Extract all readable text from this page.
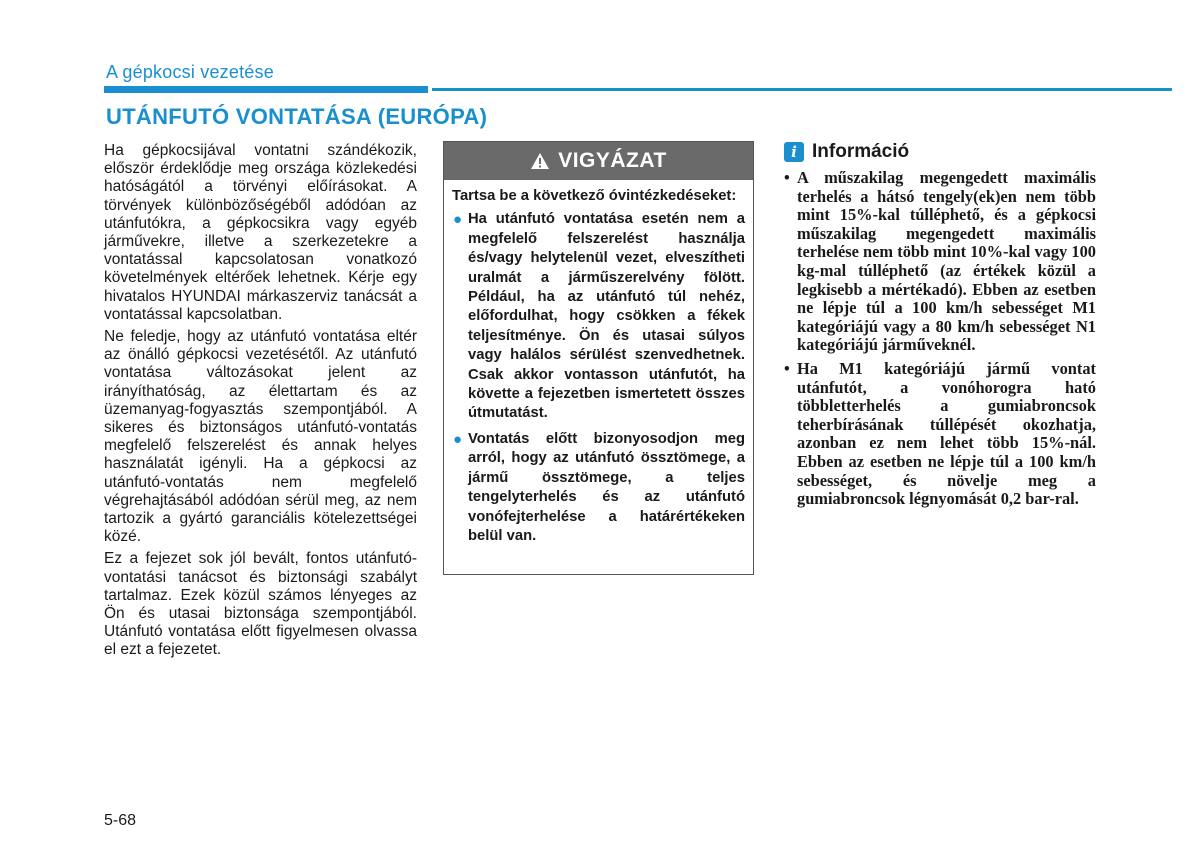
A gépkocsi vezetése
UTÁNFUTÓ VONTATÁSA (EURÓPA)

Ha gépkocsijával vontatni szándékozik, először érdeklődje meg országa közlekedési hatóságától a törvényi előírásokat. A törvények különbözőségéből adódóan az utánfutókra, a gépkocsikra vagy egyéb járművekre, illetve a szerkezetekre a vontatással kapcsolatosan vonatkozó követelmények eltérőek lehetnek. Kérje egy hivatalos HYUNDAI márkaszerviz tanácsát a vontatással kapcsolatban.

Ne feledje, hogy az utánfutó vontatása eltér az önálló gépkocsi vezetésétől. Az utánfutó vontatása változásokat jelent az irányíthatóság, az élettartam és az üzemanyag-fogyasztás szempontjából. A sikeres és biztonságos utánfutó-vontatás megfelelő felszerelést és annak helyes használatát igényli. Ha a gépkocsi az utánfutó-vontatás nem megfelelő végrehajtásából adódóan sérül meg, az nem tartozik a gyártó garanciális kötelezettségei közé.

Ez a fejezet sok jól bevált, fontos utánfutó-vontatási tanácsot és biztonsági szabályt tartalmaz. Ezek közül számos lényeges az Ön és utasai biztonsága szempontjából. Utánfutó vontatása előtt figyelmesen olvassa el ezt a fejezetet.

VIGYÁZAT

Tartsa be a következő óvintézkedéseket:

● Ha utánfutó vontatása esetén nem a megfelelő felszerelést használja és/vagy helytelenül vezet, elveszítheti uralmát a járműszerelvény fölött. Például, ha az utánfutó túl nehéz, előfordulhat, hogy csökken a fékek teljesítménye. Ön és utasai súlyos vagy halálos sérülést szenvedhetnek. Csak akkor vontasson utánfutót, ha követte a fejezetben ismertetett összes útmutatást.
● Vontatás előtt bizonyosodjon meg arról, hogy az utánfutó össztömege, a jármű össztömege, a teljes tengelyterhelés és az utánfutó vonófejterhelése a határértékeken belül van.
i Információ
• A műszakilag megengedett maximális terhelés a hátsó tengely(ek)en nem több mint 15%-kal túlléphető, és a gépkocsi műszakilag megengedett maximális terhelése nem több mint 10%-kal vagy 100 kg-mal túlléphető (az értékek közül a legkisebb a mértékadó). Ebben az esetben ne lépje túl a 100 km/h sebességet M1 kategóriájú vagy a 80 km/h sebességet N1 kategóriájú járműveknél.
• Ha M1 kategóriájú jármű vontat utánfutót, a vonóhorogra ható többletterhelés a gumiabroncsok teherbírásának túllépését okozhatja, azonban ez nem lehet több 15%-nál. Ebben az esetben ne lépje túl a 100 km/h sebességet, és növelje meg a gumiabroncsok légnyomását 0,2 bar-ral.
5-68
